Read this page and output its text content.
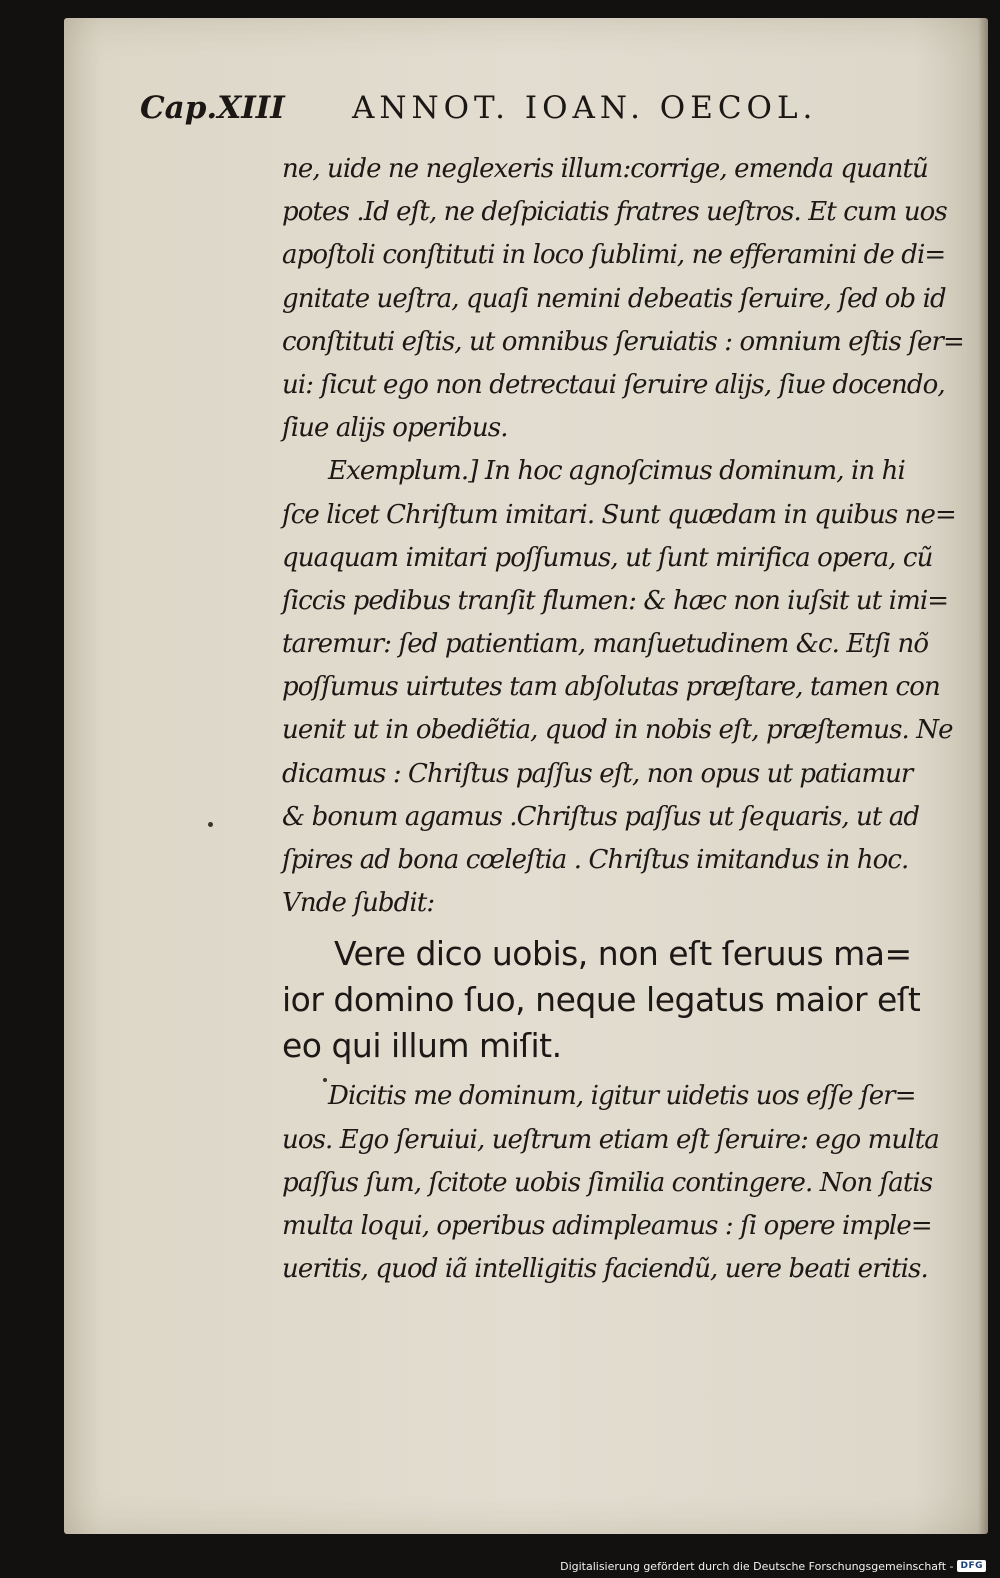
Cap.XIII ANNOT. IOAN. OECOL.
ne, uide ne neglexeris illum:corrige, emenda quantũ
potes .Id eſt, ne deſpiciatis fratres ueſtros. Et cum uos
apoſtoli conſtituti in loco ſublimi, ne efferamini de di=
gnitate ueſtra, quaſi nemini debeatis ſeruire, ſed ob id
conſtituti eſtis, ut omnibus ſeruiatis : omnium eſtis ſer=
ui: ſicut ego non detrectaui ſeruire alijs, ſiue docendo,
ſiue alijs operibus.
Exemplum.] In hoc agnoſcimus dominum, in hi
ſce licet Chriſtum imitari. Sunt quædam in quibus ne=
quaquam imitari poſſumus, ut ſunt mirifica opera, cũ
ſiccis pedibus tranſit flumen: & hæc non iuſsit ut imi=
taremur: ſed patientiam, manſuetudinem &c. Etſi nõ
poſſumus uirtutes tam abſolutas præſtare, tamen con
uenit ut in obediẽtia, quod in nobis eſt, præſtemus. Ne
dicamus : Chriſtus paſſus eſt, non opus ut patiamur
& bonum agamus .Chriſtus paſſus ut ſequaris, ut ad
ſpires ad bona cœleſtia . Chriſtus imitandus in hoc.
Vnde ſubdit:
Vere dico uobis, non eſt ſeruus ma=
ior domino ſuo, neque legatus maior eſt
eo qui illum miſit.
Dicitis me dominum, igitur uidetis uos eſſe ſer=
uos. Ego ſeruiui, ueſtrum etiam eſt ſeruire: ego multa
paſſus ſum, ſcitote uobis ſimilia contingere. Non ſatis
multa loqui, operibus adimpleamus : ſi opere imple=
ueritis, quod iã intelligitis faciendũ, uere beati eritis.
Digitalisierung gefördert durch die Deutsche Forschungsgemeinschaft - DFG
